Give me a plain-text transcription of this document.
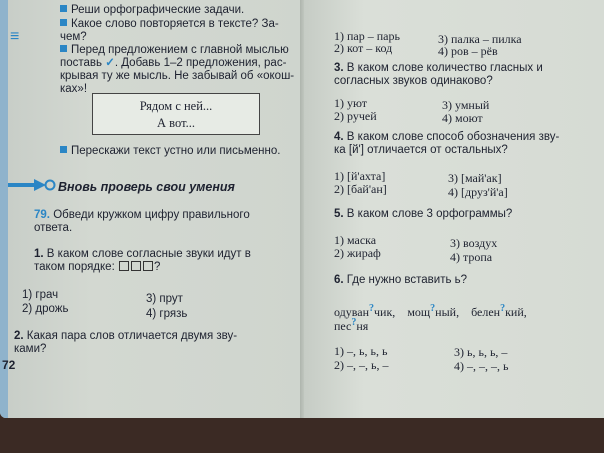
≡
Реши орфографические задачи.
Какое слово повторяется в тексте? За-
чем?
Перед предложением с главной мыслью
поставь ✓. Добавь 1–2 предложения, рас-
крывая ту же мысль. Не забывай об «окош-
ках»!
Рядом с ней...
А вот...
Перескажи текст устно или письменно.
Вновь проверь свои умения
79. Обведи кружком цифру правильного
ответа.
1. В каком слове согласные звуки идут в
таком порядке:	?
1) грач
2) дрожь
3) прут
4) грязь
2. Какая пара слов отличается двумя зву-
ками?
72
1) пар – парь
2) кот – код
3) палка – пилка
4) ров – рёв
3. В каком слове количество гласных и
согласных звуков одинаково?
1) уют
2) ручей
3) умный
4) моют
4. В каком слове способ обозначения зву-
ка [й'] отличается от остальных?
1) [й'ахта]
2) [бай'ан]
3) [май'ак]
4) [друз'й'а]
5. В каком слове 3 орфограммы?
1) маска
2) жираф
3) воздух
4) тропа
6. Где нужно вставить ь?
одуван?чик, мощ?ный, белен?кий,
пес?ня
1) –, ь, ь, ь
2) –, –, ь, –
3) ь, ь, ь, –
4) –, –, –, ь
